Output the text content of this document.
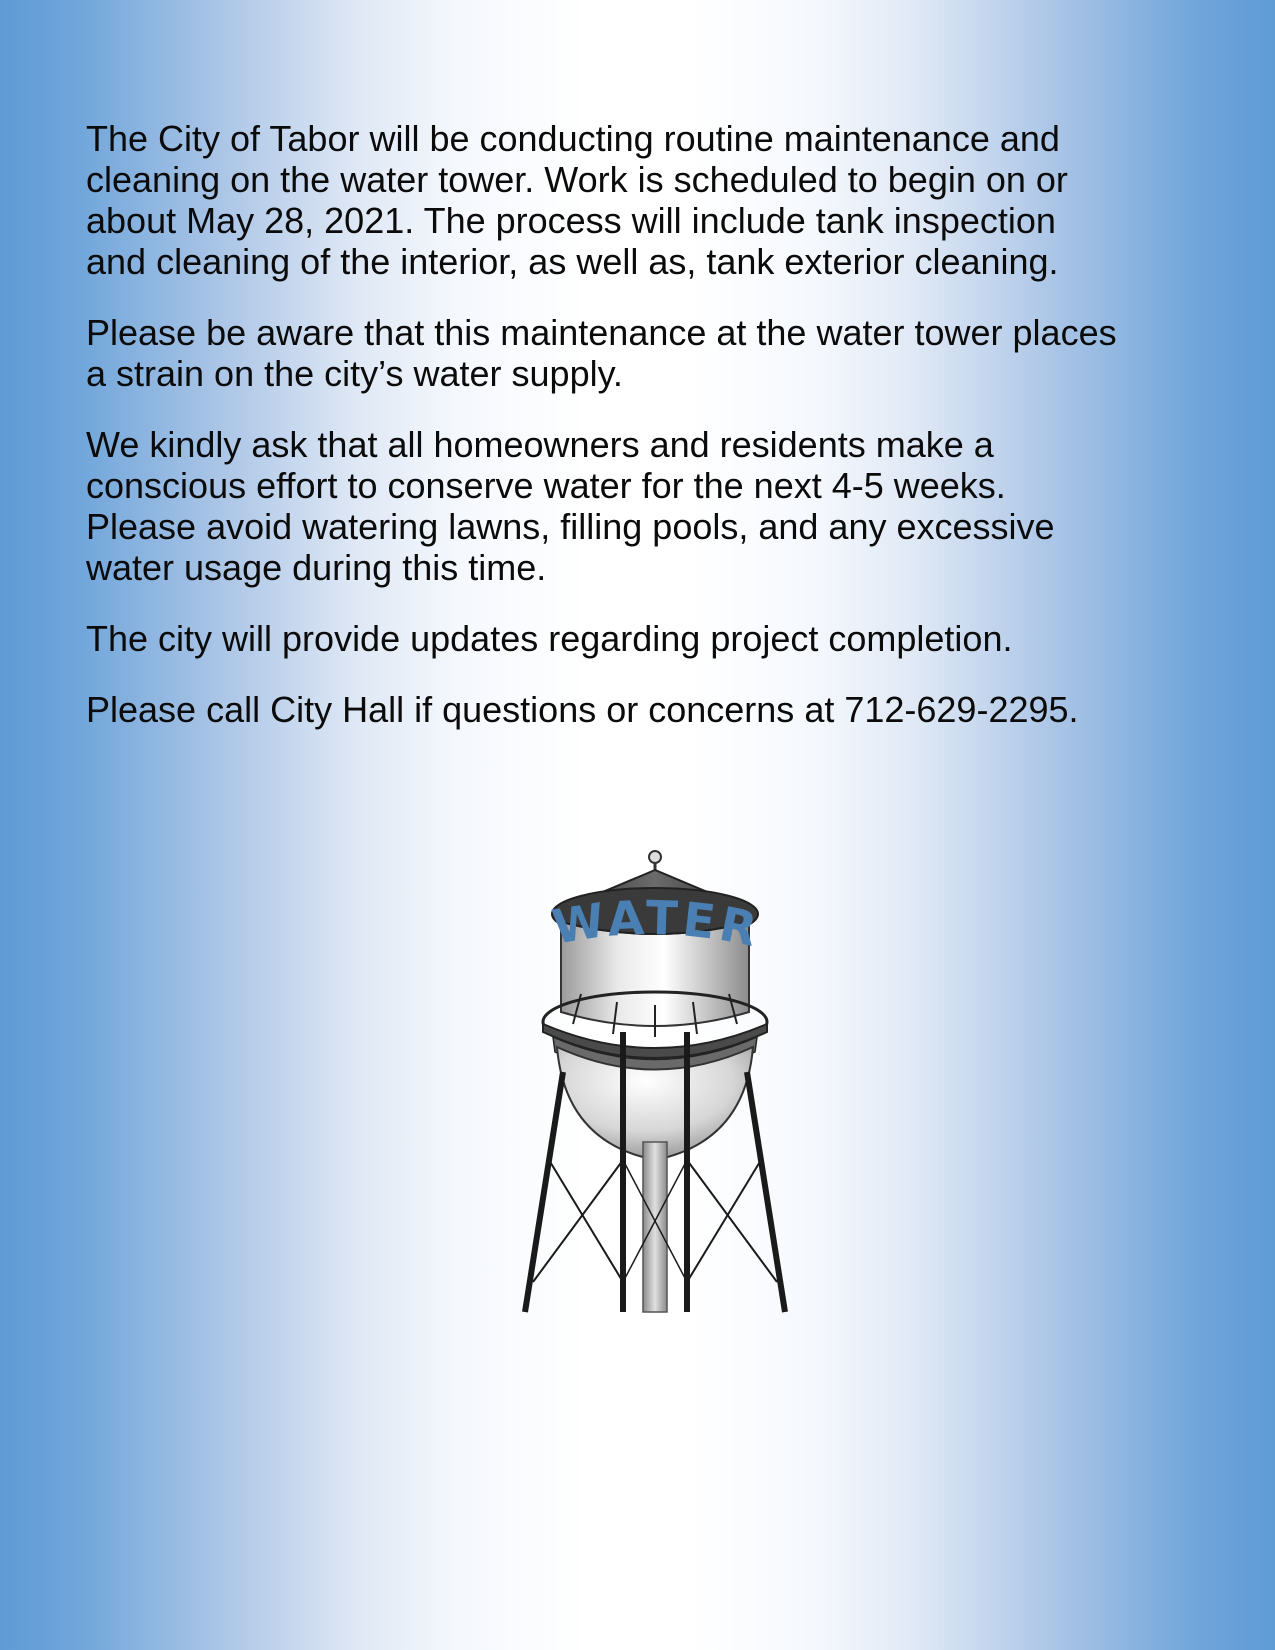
The City of Tabor will be conducting routine maintenance and
cleaning on the water tower. Work is scheduled to begin on or
about May 28, 2021. The process will include tank inspection
and cleaning of the interior, as well as, tank exterior cleaning.

Please be aware that this maintenance at the water tower places
a strain on the city’s water supply.

We kindly ask that all homeowners and residents make a
conscious effort to conserve water for the next 4-5 weeks.
Please avoid watering lawns, filling pools, and any excessive
water usage during this time.

The city will provide updates regarding project completion.

Please call City Hall if questions or concerns at 712-629-2295.

WATER
